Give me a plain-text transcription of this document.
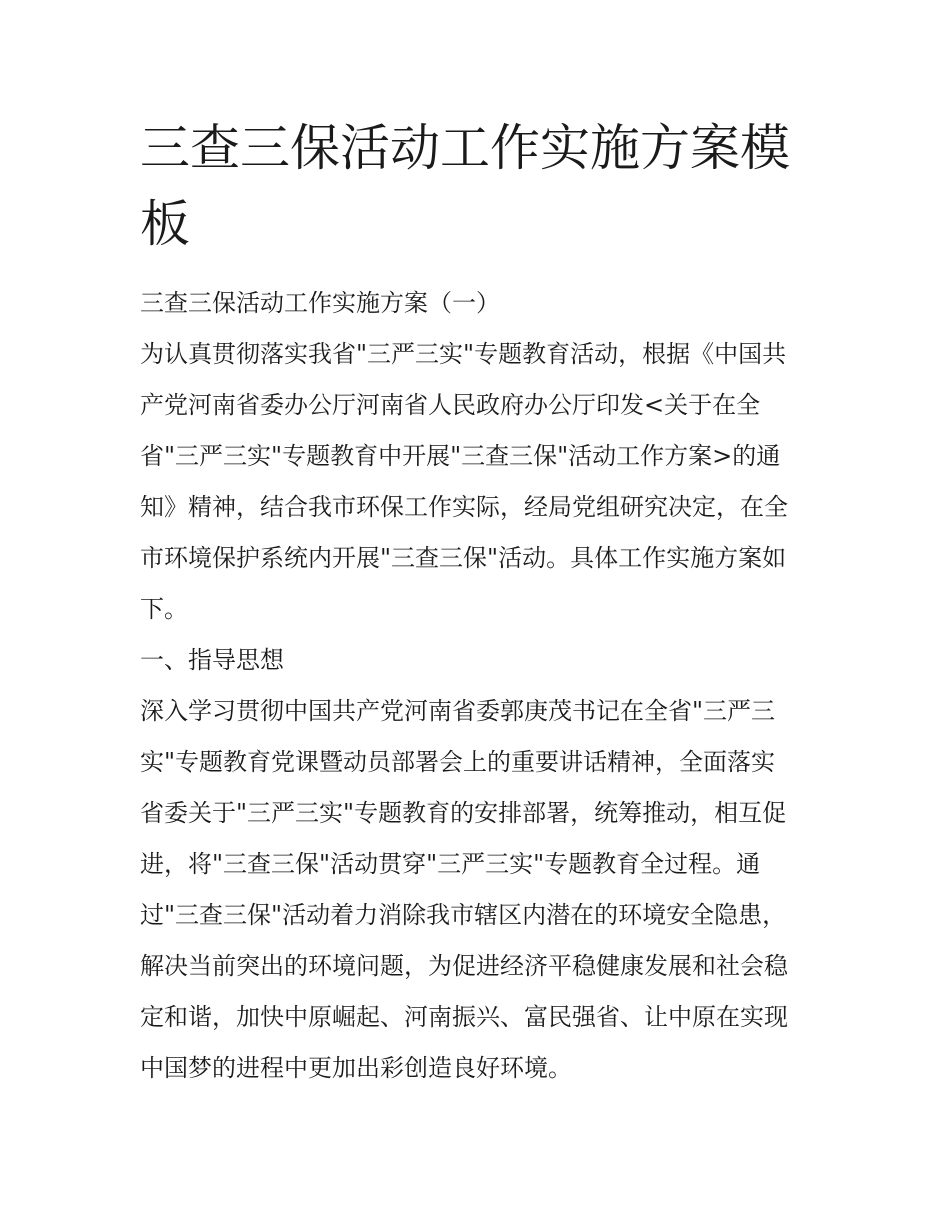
三查三保活动工作实施方案模
板
三查三保活动工作实施方案（一）
为认真贯彻落实我省"三严三实"专题教育活动，根据《中国共
产党河南省委办公厅河南省人民政府办公厅印发<关于在全
省"三严三实"专题教育中开展"三查三保"活动工作方案>的通
知》精神，结合我市环保工作实际，经局党组研究决定，在全
市环境保护系统内开展"三查三保"活动。具体工作实施方案如
下。
一、指导思想
深入学习贯彻中国共产党河南省委郭庚茂书记在全省"三严三
实"专题教育党课暨动员部署会上的重要讲话精神，全面落实
省委关于"三严三实"专题教育的安排部署，统筹推动，相互促
进，将"三查三保"活动贯穿"三严三实"专题教育全过程。通
过"三查三保"活动着力消除我市辖区内潜在的环境安全隐患，
解决当前突出的环境问题，为促进经济平稳健康发展和社会稳
定和谐，加快中原崛起、河南振兴、富民强省、让中原在实现
中国梦的进程中更加出彩创造良好环境。
